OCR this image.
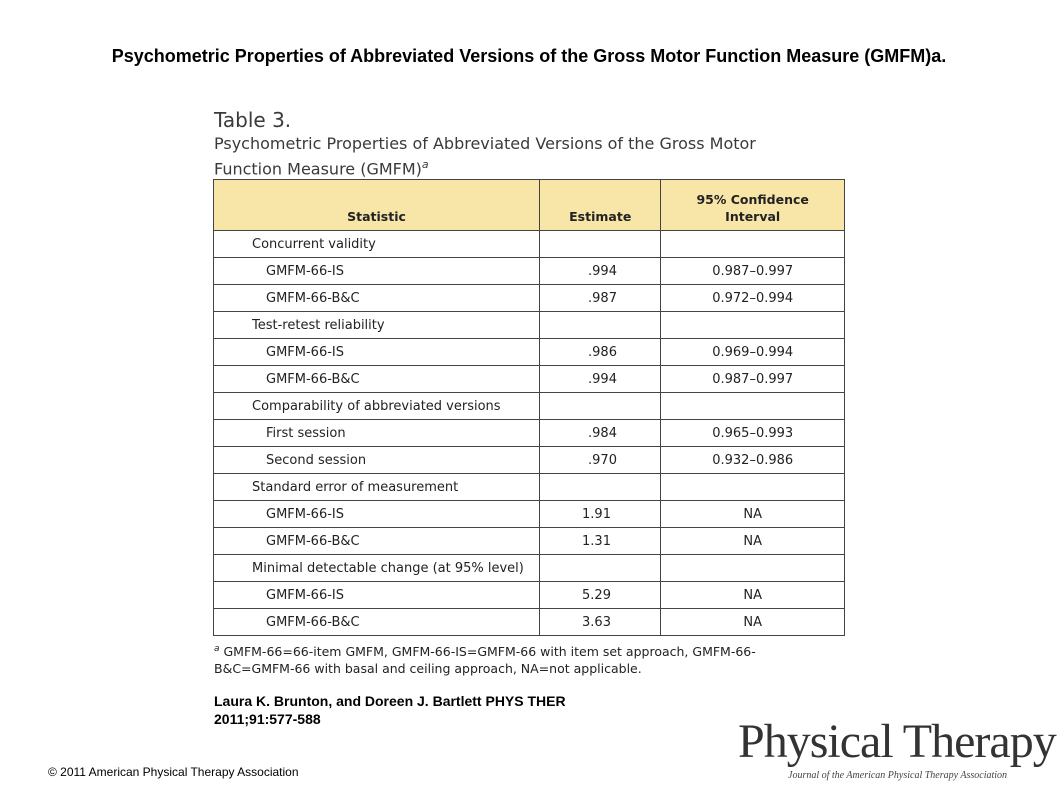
Psychometric Properties of Abbreviated Versions of the Gross Motor Function Measure (GMFM)a.
Table 3.
Psychometric Properties of Abbreviated Versions of the Gross Motor Function Measure (GMFM)$^a$
Statistic	Estimate	95% Confidence
Interval
Concurrent validity		
GMFM-66-IS	.994	0.987–0.997
GMFM-66-B&C	.987	0.972–0.994
Test-retest reliability		
GMFM-66-IS	.986	0.969–0.994
GMFM-66-B&C	.994	0.987–0.997
Comparability of abbreviated versions		
First session	.984	0.965–0.993
Second session	.970	0.932–0.986
Standard error of measurement		
GMFM-66-IS	1.91	NA
GMFM-66-B&C	1.31	NA
Minimal detectable change (at 95% level)		
GMFM-66-IS	5.29	NA
GMFM-66-B&C	3.63	NA
$^a$ GMFM-66=66-item GMFM, GMFM-66-IS=GMFM-66 with item set approach, GMFM-66-B&C=GMFM-66 with basal and ceiling approach, NA=not applicable.
Laura K. Brunton, and Doreen J. Bartlett PHYS THER
2011;91:577-588
© 2011 American Physical Therapy Association
Physical Therapy
Journal of the American Physical Therapy Association
